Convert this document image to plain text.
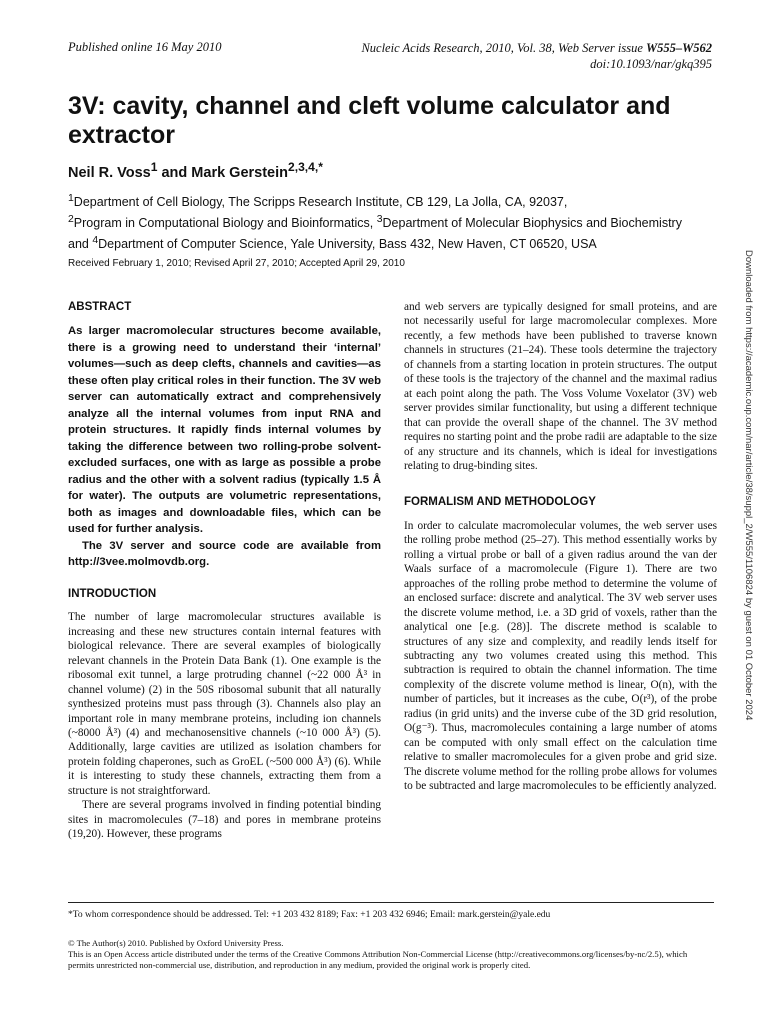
Published online 16 May 2010	Nucleic Acids Research, 2010, Vol. 38, Web Server issue W555–W562
doi:10.1093/nar/gkq395
3V: cavity, channel and cleft volume calculator and extractor
Neil R. Voss$^1$ and Mark Gerstein$^{2,3,4,*}$
$^1$Department of Cell Biology, The Scripps Research Institute, CB 129, La Jolla, CA, 92037,
$^2$Program in Computational Biology and Bioinformatics, $^3$Department of Molecular Biophysics and Biochemistry
and $^4$Department of Computer Science, Yale University, Bass 432, New Haven, CT 06520, USA
Received February 1, 2010; Revised April 27, 2010; Accepted April 29, 2010
ABSTRACT

As larger macromolecular structures become available, there is a growing need to understand their ‘internal’ volumes—such as deep clefts, channels and cavities—as these often play critical roles in their function. The 3V web server can automatically extract and comprehensively analyze all the internal volumes from input RNA and protein structures. It rapidly finds internal volumes by taking the difference between two rolling-probe solvent-excluded surfaces, one with as large as possible a probe radius and the other with a solvent radius (typically 1.5 Å for water). The outputs are volumetric representations, both as images and downloadable files, which can be used for further analysis.

The 3V server and source code are available from http://3vee.molmovdb.org.

INTRODUCTION

The number of large macromolecular structures available is increasing and these new structures contain internal features with biological relevance. There are several examples of biologically relevant channels in the Protein Data Bank (1). One example is the ribosomal exit tunnel, a large protruding channel (~22 000 Å³ in channel volume) (2) in the 50S ribosomal subunit that all naturally synthesized proteins must pass through (3). Channels also play an important role in many membrane proteins, including ion channels (~8000 Å³) (4) and mechanosensitive channels (~10 000 Å³) (5). Additionally, large cavities are utilized as isolation chambers for protein folding chaperones, such as GroEL (~500 000 Å³) (6). While it is interesting to study these channels, extracting them from a structure is not straightforward.

There are several programs involved in finding potential binding sites in macromolecules (7–18) and pores in membrane proteins (19,20). However, these programs

and web servers are typically designed for small proteins, and are not necessarily useful for large macromolecular complexes. More recently, a few methods have been published to traverse known channels in structures (21–24). These tools determine the trajectory of channels from a starting location in protein structures. The output of these tools is the trajectory of the channel and the maximal radius at each point along the path. The Voss Volume Voxelator (3V) web server provides similar functionality, but using a different technique that can provide the overall shape of the channel. The 3V method requires no starting point and the probe radii are adaptable to the size of any structure and its channels, which is ideal for investigations relating to drug-binding sites.

FORMALISM AND METHODOLOGY

In order to calculate macromolecular volumes, the web server uses the rolling probe method (25–27). This method essentially works by rolling a virtual probe or ball of a given radius around the van der Waals surface of a macromolecule (Figure 1). There are two approaches of the rolling probe method to determine the volume of an enclosed surface: discrete and analytical. The 3V web server uses the discrete volume method, i.e. a 3D grid of voxels, rather than the analytical one [e.g. (28)]. The discrete method is scalable to structures of any size and complexity, and readily lends itself for subtracting any two volumes created using this method. This subtraction is required to obtain the channel information. The time complexity of the discrete volume method is linear, O(n), with the number of particles, but it increases as the cube, O(r³), of the probe radius (in grid units) and the inverse cube of the 3D grid resolution, O(g⁻³). Thus, macromolecules containing a large number of atoms can be computed with only small effect on the calculation time relative to smaller macromolecules for a given probe and grid size. The discrete volume method for the rolling probe allows for volumes to be subtracted and large macromolecules to be efficiently analyzed.

Downloaded from https://academic.oup.com/nar/article/38/suppl_2/W555/1106824 by guest on 01 October 2024
*To whom correspondence should be addressed. Tel: +1 203 432 8189; Fax: +1 203 432 6946; Email: mark.gerstein@yale.edu
© The Author(s) 2010. Published by Oxford University Press.
This is an Open Access article distributed under the terms of the Creative Commons Attribution Non-Commercial License (http://creativecommons.org/licenses/by-nc/2.5), which permits unrestricted non-commercial use, distribution, and reproduction in any medium, provided the original work is properly cited.
